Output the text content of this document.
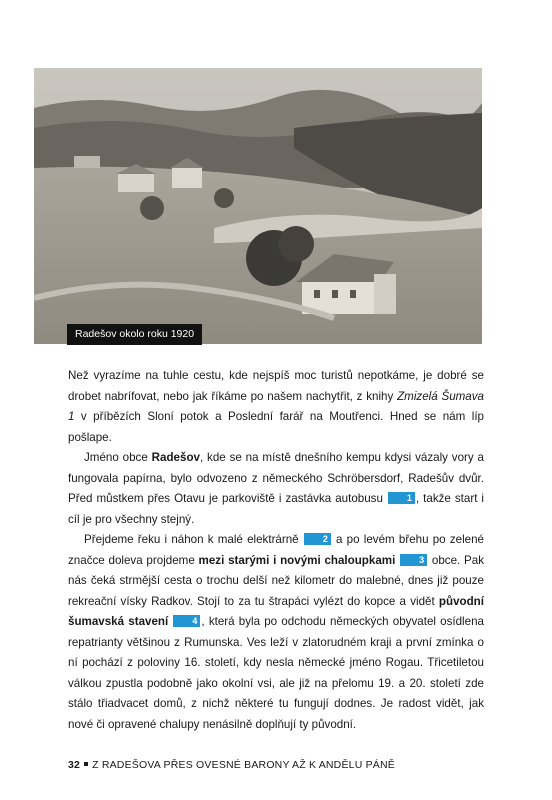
Radešov okolo roku 1920

Než vyrazíme na tuhle cestu, kde nejspíš moc turistů nepotkáme, je dobré se drobet nabrífovat, nebo jak říkáme po našem nachytřit, z knihy Zmizelá Šumava 1 v příbězích Sloní potok a Poslední farář na Moutřenci. Hned se nám líp pošlape.

Jméno obce Radešov, kde se na místě dnešního kempu kdysi vázaly vory a fungovala papírna, bylo odvozeno z německého Schröbersdorf, Radešův dvůr. Před můstkem přes Otavu je parkoviště i zastávka autobusu 1 , takže start i cíl je pro všechny stejný.

Přejdeme řeku i náhon k malé elektrárně 2 a po levém břehu po zelené značce doleva projdeme mezi starými i novými chaloupkami	3 obce. Pak nás čeká strmější cesta o trochu delší než kilometr do malebné, dnes již pouze rekreační vísky Radkov. Stojí to za tu štrapáci vylézt do kopce a vidět původní šumavská stavení	4 , která byla po odchodu německých obyvatel osídlena repatrianty většinou z Rumunska. Ves leží v zlatorudném kraji a první zmínka o ní pochází z poloviny 16. století, kdy nesla německé jméno Rogau. Třicetiletou válkou zpustla podobně jako okolní vsi, ale již na přelomu 19. a 20. století zde stálo třiadvacet domů, z nichž některé tu fungují dodnes. Je radost vidět, jak nové či opravené chalupy nenásilně doplňují ty původní.

32 Z RADEŠOVA PŘES OVESNÉ BARONY AŽ K ANDĚLU PÁNĚ
